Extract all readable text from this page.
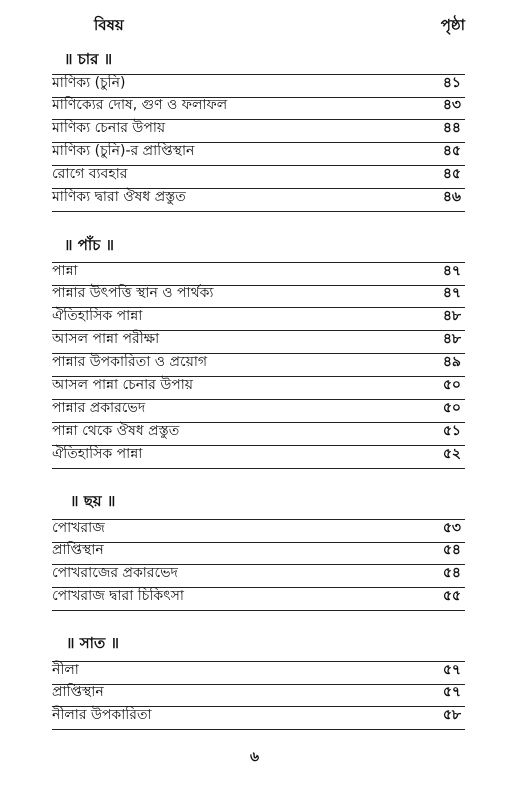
বিষয়	পৃষ্ঠা
॥ চার ॥
মাণিক্য (চুনি)	৪১
মাণিক্যের দোষ, গুণ ও ফলাফল	৪৩
মাণিক্য চেনার উপায়	৪৪
মাণিক্য (চুনি)-র প্রাপ্তিস্থান	৪৫
রোগে ব্যবহার	৪৫
মাণিক্য দ্বারা ঔষধ প্রস্তুত	৪৬
॥ পাঁচ ॥
পান্না	৪৭
পান্নার উৎপত্তি স্থান ও পার্থক্য	৪৭
ঐতিহাসিক পান্না	৪৮
আসল পান্না পরীক্ষা	৪৮
পান্নার উপকারিতা ও প্রয়োগ	৪৯
আসল পান্না চেনার উপায়	৫০
পান্নার প্রকারভেদ	৫০
পান্না থেকে ঔষধ প্রস্তুত	৫১
ঐতিহাসিক পান্না	৫২
॥ ছয় ॥
পোখরাজ	৫৩
প্রাপ্তিস্থান	৫৪
পোখরাজের প্রকারভেদ	৫৪
পোখরাজ দ্বারা চিকিৎসা	৫৫
॥ সাত ॥
নীলা	৫৭
প্রাপ্তিস্থান	৫৭
নীলার উপকারিতা	৫৮
৬
